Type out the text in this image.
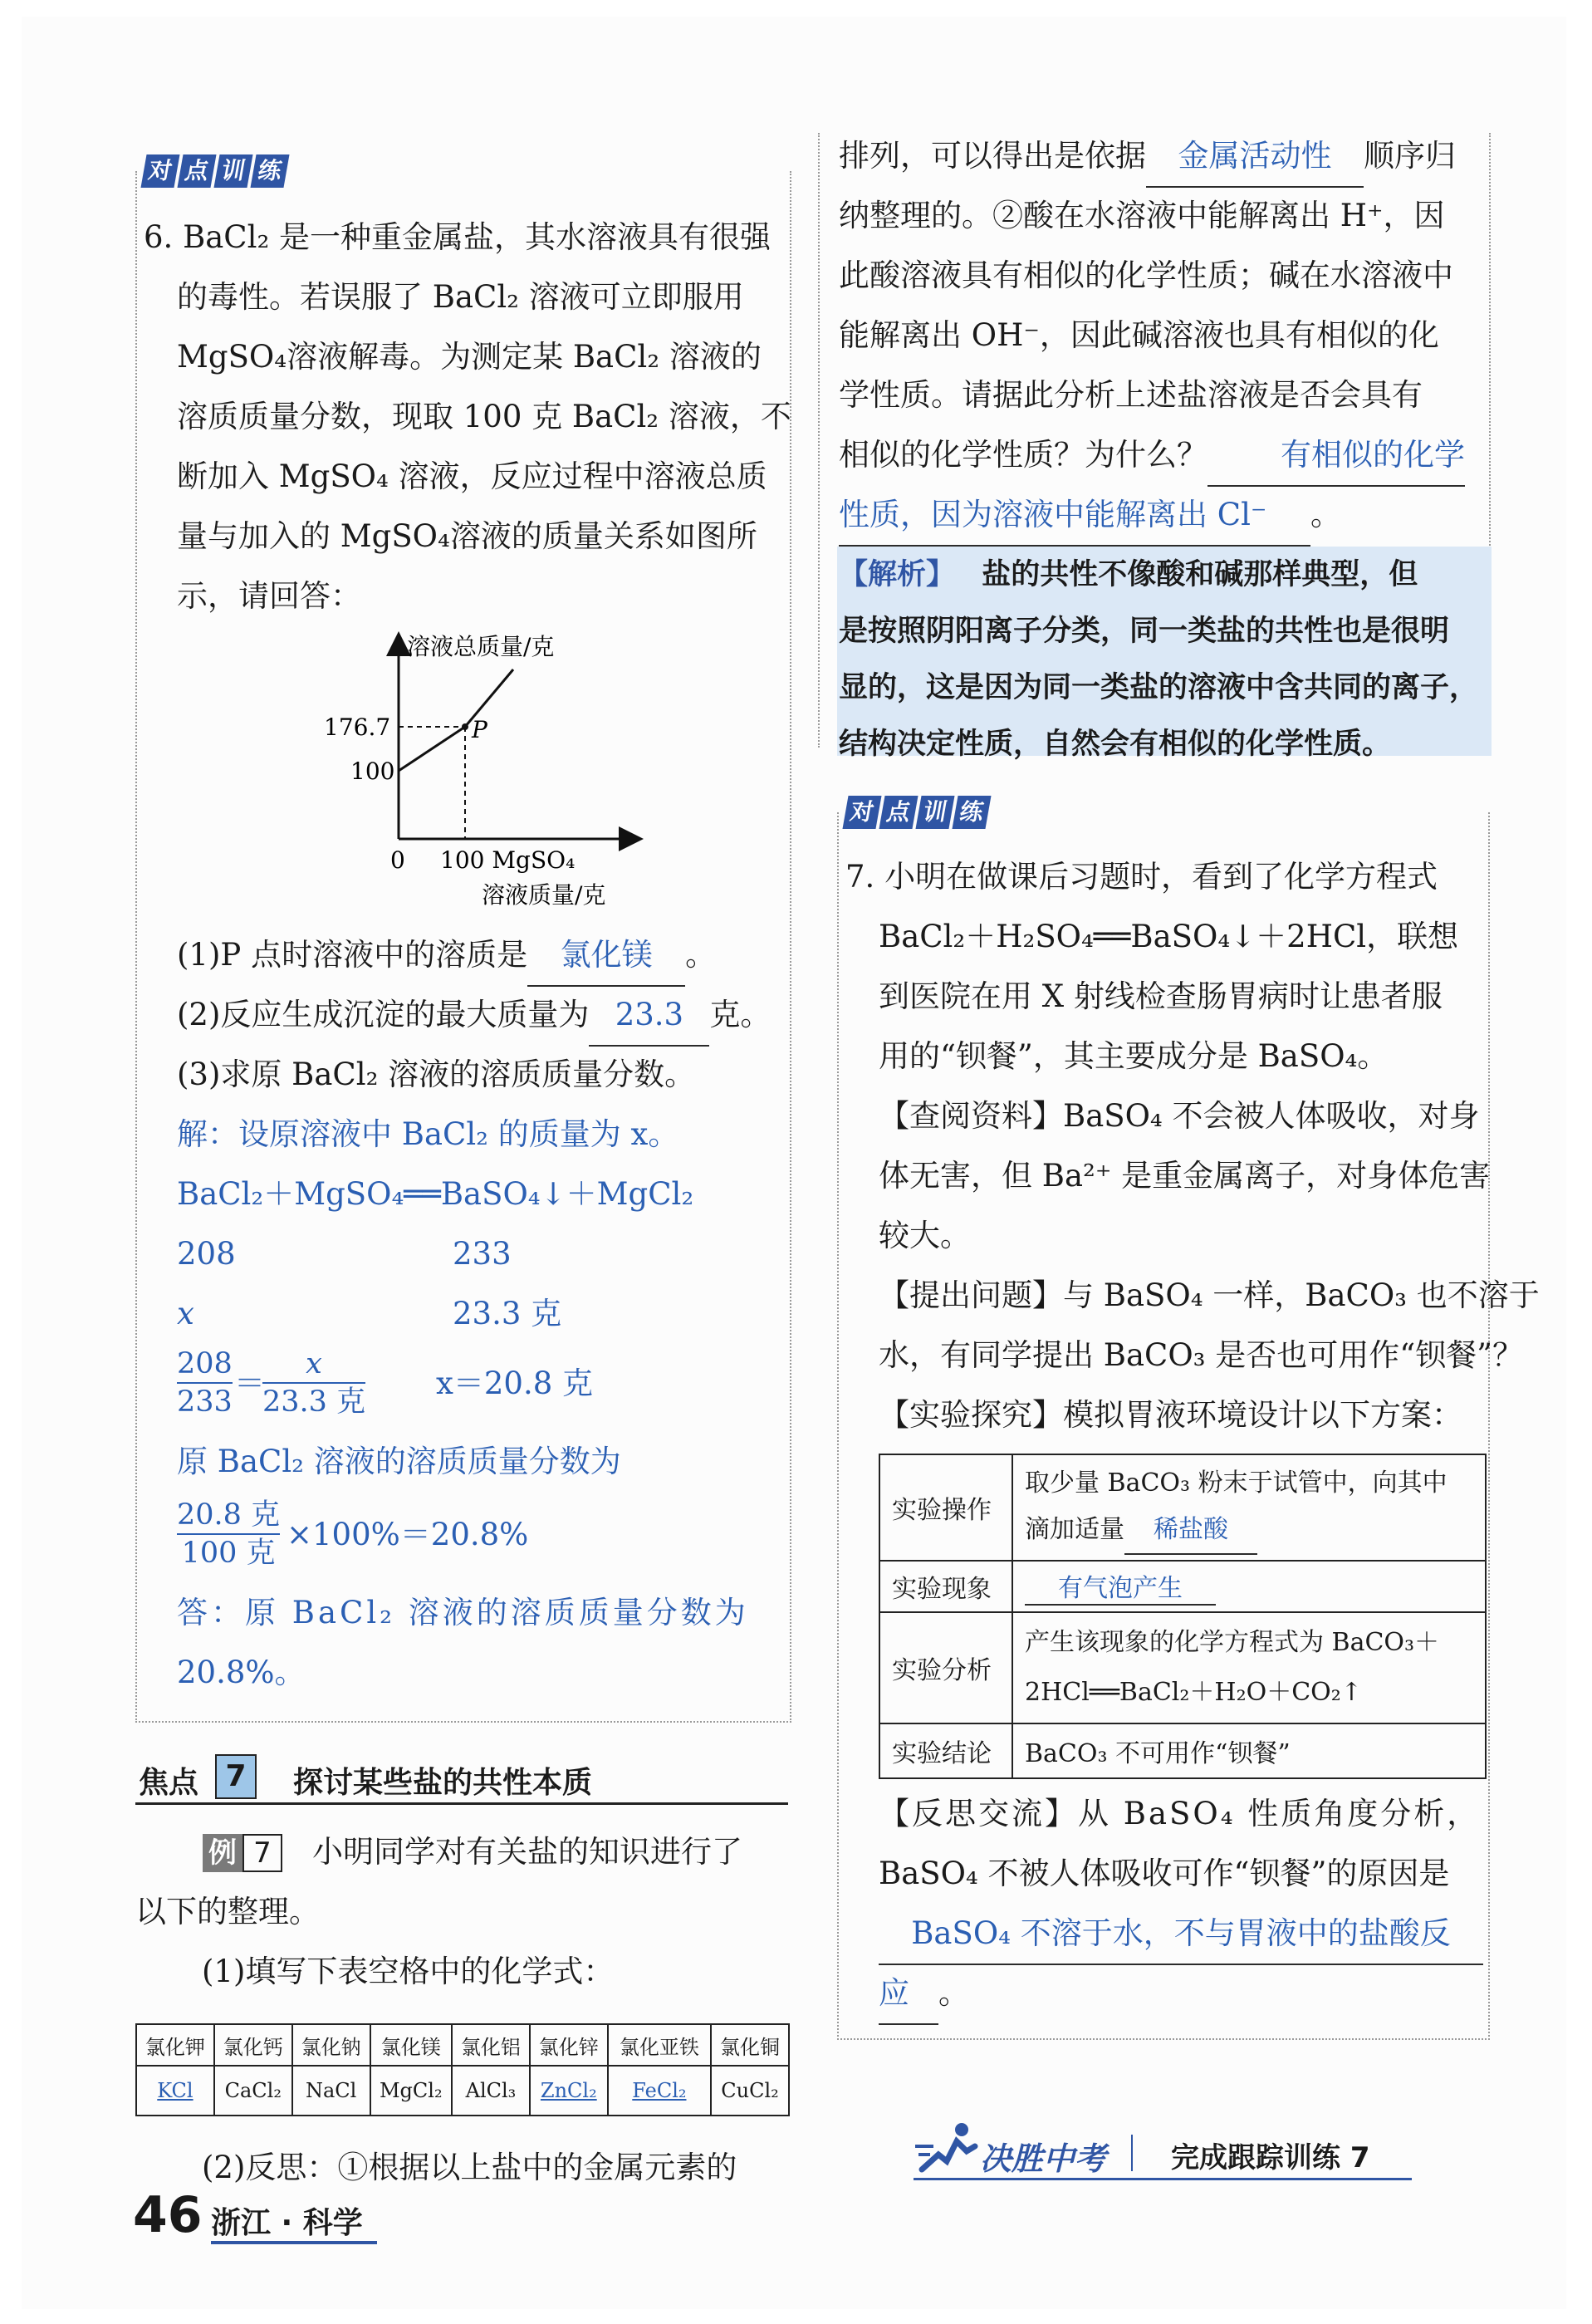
对 点 训 练
6. BaCl₂ 是一种重金属盐，其水溶液具有很强
的毒性。若误服了 BaCl₂ 溶液可立即服用
MgSO₄溶液解毒。为测定某 BaCl₂ 溶液的
溶质质量分数，现取 100 克 BaCl₂ 溶液，不
断加入 MgSO₄ 溶液，反应过程中溶液总质
量与加入的 MgSO₄溶液的质量关系如图所
示，请回答：
溶液总质量/克
176.7
100
P
0 100 MgSO₄
溶液质量/克
(1)P 点时溶液中的溶质是 氯化镁 。
(2)反应生成沉淀的最大质量为 23.3 克。
(3)求原 BaCl₂ 溶液的溶质质量分数。
解：设原溶液中 BaCl₂ 的质量为 x。
BaCl₂＋MgSO₄══BaSO₄↓＋MgCl₂
208	233
x	23.3 克
208
233
＝
x
23.3 克
x＝20.8 克
原 BaCl₂ 溶液的溶质质量分数为
20.8 克
100 克
×100%＝20.8%
答：原 BaCl₂ 溶液的溶质质量分数为
20.8%。
焦点 7	探讨某些盐的共性本质
例 7	小明同学对有关盐的知识进行了
以下的整理。
(1)填写下表空格中的化学式：
氯化钾	氯化钙	氯化钠	氯化镁	氯化铝	氯化锌	氯化亚铁	氯化铜
KCl	CaCl₂	NaCl	MgCl₂	AlCl₃	ZnCl₂	FeCl₂	CuCl₂
(2)反思：①根据以上盐中的金属元素的
46 浙江 · 科学
排列，可以得出是依据 金属活动性 顺序归
纳整理的。②酸在水溶液中能解离出 H⁺，因
此酸溶液具有相似的化学性质；碱在水溶液中
能解离出 OH⁻，因此碱溶液也具有相似的化
学性质。请据此分析上述盐溶液是否会具有
相似的化学性质？为什么？ 有相似的化学
性质，因为溶液中能解离出 Cl⁻ 。
【解析】 盐的共性不像酸和碱那样典型，但
是按照阴阳离子分类，同一类盐的共性也是很明
显的，这是因为同一类盐的溶液中含共同的离子，
结构决定性质，自然会有相似的化学性质。
对 点 训 练
7. 小明在做课后习题时，看到了化学方程式
BaCl₂＋H₂SO₄══BaSO₄↓＋2HCl，联想
到医院在用 X 射线检查肠胃病时让患者服
用的“钡餐”，其主要成分是 BaSO₄。
【查阅资料】BaSO₄ 不会被人体吸收，对身
体无害，但 Ba²⁺ 是重金属离子，对身体危害
较大。
【提出问题】与 BaSO₄ 一样，BaCO₃ 也不溶于
水，有同学提出 BaCO₃ 是否也可用作“钡餐”？
【实验探究】模拟胃液环境设计以下方案：
实验操作	取少量 BaCO₃ 粉末于试管中，向其中
滴加适量 稀盐酸

实验现象	有气泡产生
实验分析	产生该现象的化学方程式为 BaCO₃＋
2HCl══BaCl₂＋H₂O＋CO₂↑

实验结论	BaCO₃ 不可用作“钡餐”
【反思交流】从 BaSO₄ 性质角度分析，
BaSO₄ 不被人体吸收可作“钡餐”的原因是
BaSO₄ 不溶于水，不与胃液中的盐酸反
应 。
决胜中考 完成跟踪训练 7
